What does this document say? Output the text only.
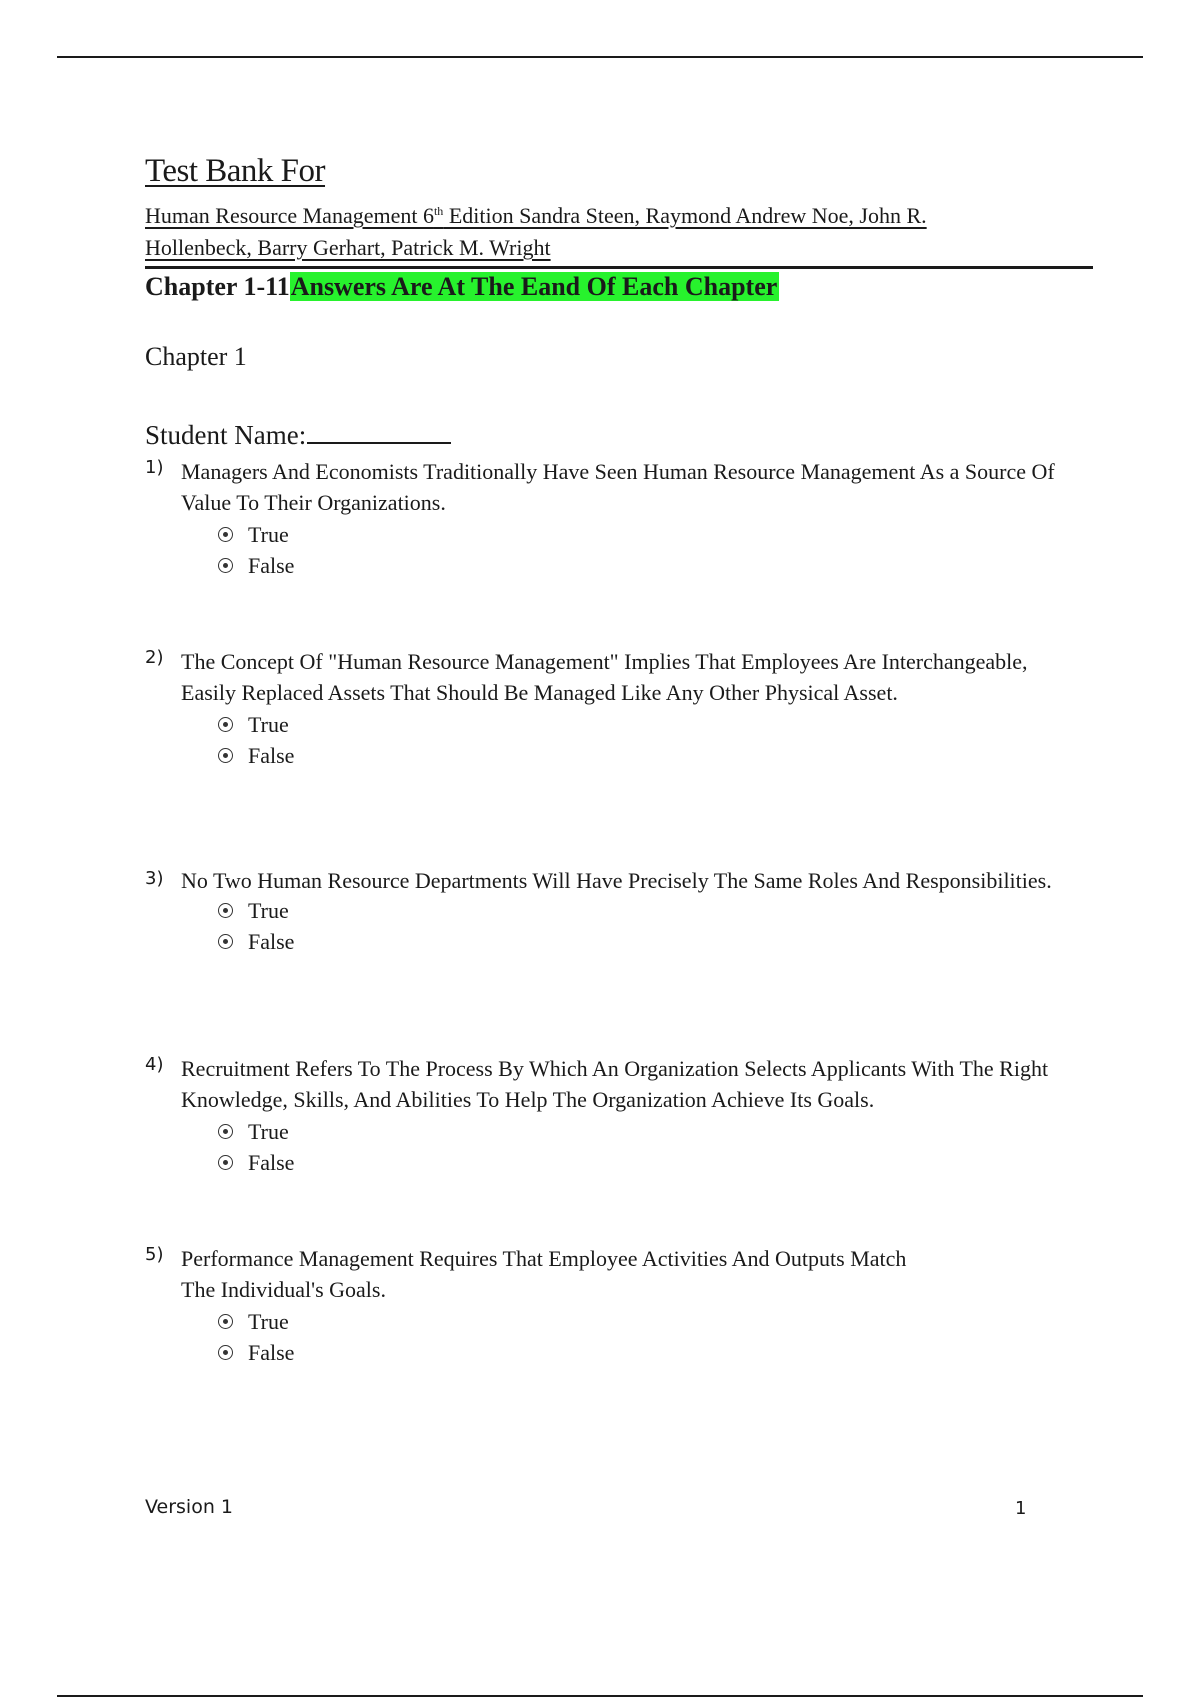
Test Bank For
Human Resource Management 6th Edition Sandra Steen, Raymond Andrew Noe, John R.
Hollenbeck, Barry Gerhart, Patrick M. Wright
Chapter 1-11Answers Are At The Eand Of Each Chapter
Chapter 1
Student Name:
1) Managers And Economists Traditionally Have Seen Human Resource Management As a Source Of Value To Their Organizations.
True
False
2) The Concept Of "Human Resource Management" Implies That Employees Are Interchangeable, Easily Replaced Assets That Should Be Managed Like Any Other Physical Asset.
True
False
3) No Two Human Resource Departments Will Have Precisely The Same Roles And Responsibilities.
True
False
4) Recruitment Refers To The Process By Which An Organization Selects Applicants With The Right Knowledge, Skills, And Abilities To Help The Organization Achieve Its Goals.
True
False
5) Performance Management Requires That Employee Activities And Outputs Match The Individual's Goals.
True
False
Version 1	1
